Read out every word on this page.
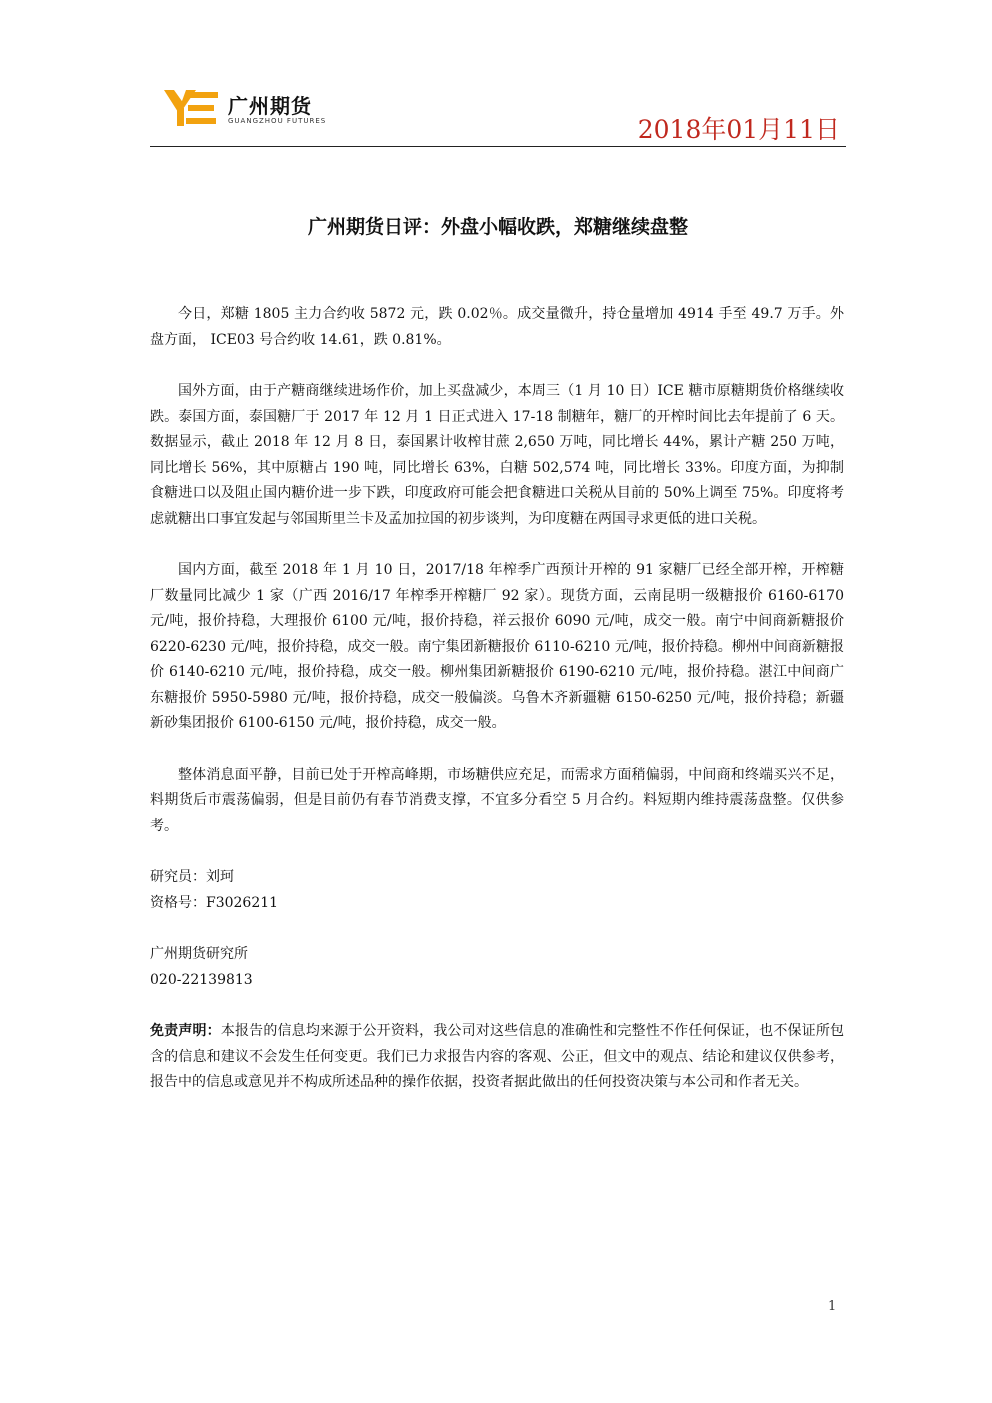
广州期货
GUANGZHOU FUTURES	2018年01月11日
广州期货日评：外盘小幅收跌，郑糖继续盘整

今日，郑糖 1805 主力合约收 5872 元，跌 0.02％。成交量微升，持仓量增加 4914 手至 49.7 万手。外盘方面， ICE03 号合约收 14.61，跌 0.81%。

国外方面，由于产糖商继续进场作价，加上买盘减少，本周三（1 月 10 日）ICE 糖市原糖期货价格继续收跌。泰国方面，泰国糖厂于 2017 年 12 月 1 日正式进入 17-18 制糖年，糖厂的开榨时间比去年提前了 6 天。 数据显示，截止 2018 年 12 月 8 日，泰国累计收榨甘蔗 2,650 万吨，同比增长 44%，累计产糖 250 万吨，同比增长 56%，其中原糖占 190 吨，同比增长 63%，白糖 502,574 吨，同比增长 33%。印度方面，为抑制食糖进口以及阻止国内糖价进一步下跌，印度政府可能会把食糖进口关税从目前的 50%上调至 75%。印度将考虑就糖出口事宜发起与邻国斯里兰卡及孟加拉国的初步谈判，为印度糖在两国寻求更低的进口关税。

国内方面，截至 2018 年 1 月 10 日，2017/18 年榨季广西预计开榨的 91 家糖厂已经全部开榨，开榨糖厂数量同比减少 1 家（广西 2016/17 年榨季开榨糖厂 92 家）。现货方面，云南昆明一级糖报价 6160-6170 元/吨，报价持稳，大理报价 6100 元/吨，报价持稳，祥云报价 6090 元/吨，成交一般。南宁中间商新糖报价 6220-6230 元/吨，报价持稳，成交一般。南宁集团新糖报价 6110-6210 元/吨，报价持稳。柳州中间商新糖报价 6140-6210 元/吨，报价持稳，成交一般。柳州集团新糖报价 6190-6210 元/吨，报价持稳。湛江中间商广东糖报价 5950-5980 元/吨，报价持稳，成交一般偏淡。乌鲁木齐新疆糖 6150-6250 元/吨，报价持稳；新疆新砂集团报价 6100-6150 元/吨，报价持稳，成交一般。

整体消息面平静，目前已处于开榨高峰期，市场糖供应充足，而需求方面稍偏弱，中间商和终端买兴不足，料期货后市震荡偏弱，但是目前仍有春节消费支撑，不宜多分看空 5 月合约。料短期内维持震荡盘整。仅供参考。

研究员：刘珂

资格号：F3026211

广州期货研究所

020-22139813

免责声明：本报告的信息均来源于公开资料，我公司对这些信息的准确性和完整性不作任何保证，也不保证所包含的信息和建议不会发生任何变更。我们已力求报告内容的客观、公正，但文中的观点、结论和建议仅供参考，报告中的信息或意见并不构成所述品种的操作依据，投资者据此做出的任何投资决策与本公司和作者无关。

1
